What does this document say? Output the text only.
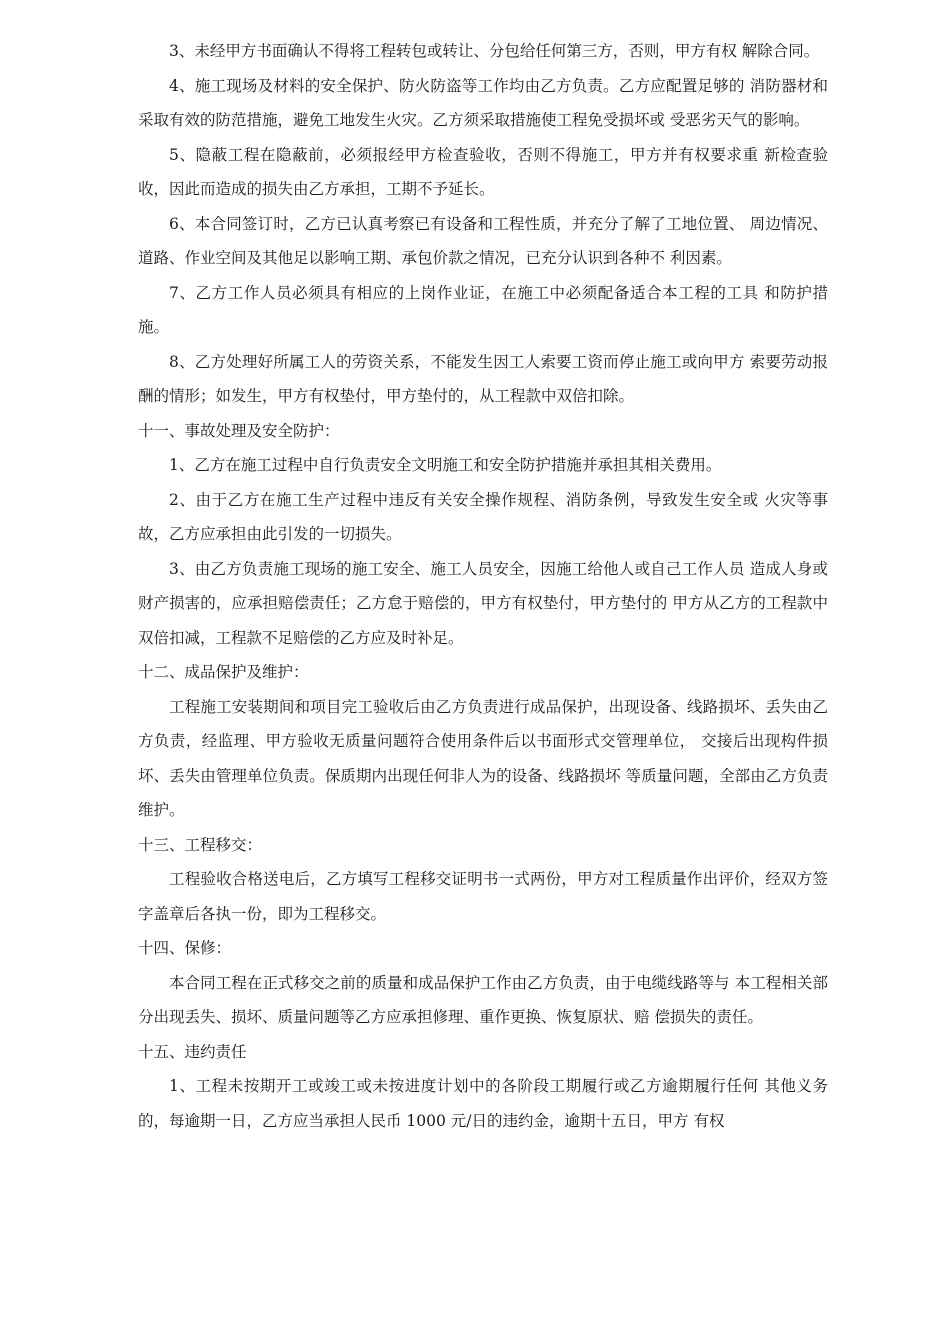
3、未经甲方书面确认不得将工程转包或转让、分包给任何第三方，否则，甲方有权 解除合同。

4、施工现场及材料的安全保护、防火防盗等工作均由乙方负责。乙方应配置足够的 消防器材和采取有效的防范措施，避免工地发生火灾。乙方须采取措施使工程免受损坏或 受恶劣天气的影响。

5、隐蔽工程在隐蔽前，必须报经甲方检查验收，否则不得施工，甲方并有权要求重 新检查验收，因此而造成的损失由乙方承担，工期不予延长。

6、本合同签订时，乙方已认真考察已有设备和工程性质，并充分了解了工地位置、 周边情况、道路、作业空间及其他足以影响工期、承包价款之情况，已充分认识到各种不 利因素。

7、乙方工作人员必须具有相应的上岗作业证，在施工中必须配备适合本工程的工具 和防护措施。

8、乙方处理好所属工人的劳资关系，不能发生因工人索要工资而停止施工或向甲方 索要劳动报酬的情形；如发生，甲方有权垫付，甲方垫付的，从工程款中双倍扣除。

十一、事故处理及安全防护：

1、乙方在施工过程中自行负责安全文明施工和安全防护措施并承担其相关费用。

2、由于乙方在施工生产过程中违反有关安全操作规程、消防条例，导致发生安全或 火灾等事故，乙方应承担由此引发的一切损失。

3、由乙方负责施工现场的施工安全、施工人员安全，因施工给他人或自己工作人员 造成人身或财产损害的，应承担赔偿责任；乙方怠于赔偿的，甲方有权垫付，甲方垫付的 甲方从乙方的工程款中双倍扣减，工程款不足赔偿的乙方应及时补足。

十二、成品保护及维护：

工程施工安装期间和项目完工验收后由乙方负责进行成品保护，出现设备、线路损坏、丢失由乙方负责，经监理、甲方验收无质量问题符合使用条件后以书面形式交管理单位， 交接后出现构件损坏、丢失由管理单位负责。保质期内出现任何非人为的设备、线路损坏 等质量问题，全部由乙方负责维护。

十三、工程移交：

工程验收合格送电后，乙方填写工程移交证明书一式两份，甲方对工程质量作出评价，经双方签字盖章后各执一份，即为工程移交。

十四、保修：

本合同工程在正式移交之前的质量和成品保护工作由乙方负责，由于电缆线路等与 本工程相关部分出现丢失、损坏、质量问题等乙方应承担修理、重作更换、恢复原状、赔 偿损失的责任。

十五、违约责任

1、工程未按期开工或竣工或未按进度计划中的各阶段工期履行或乙方逾期履行任何 其他义务的，每逾期一日，乙方应当承担人民币 1000 元/日的违约金，逾期十五日，甲方 有权
